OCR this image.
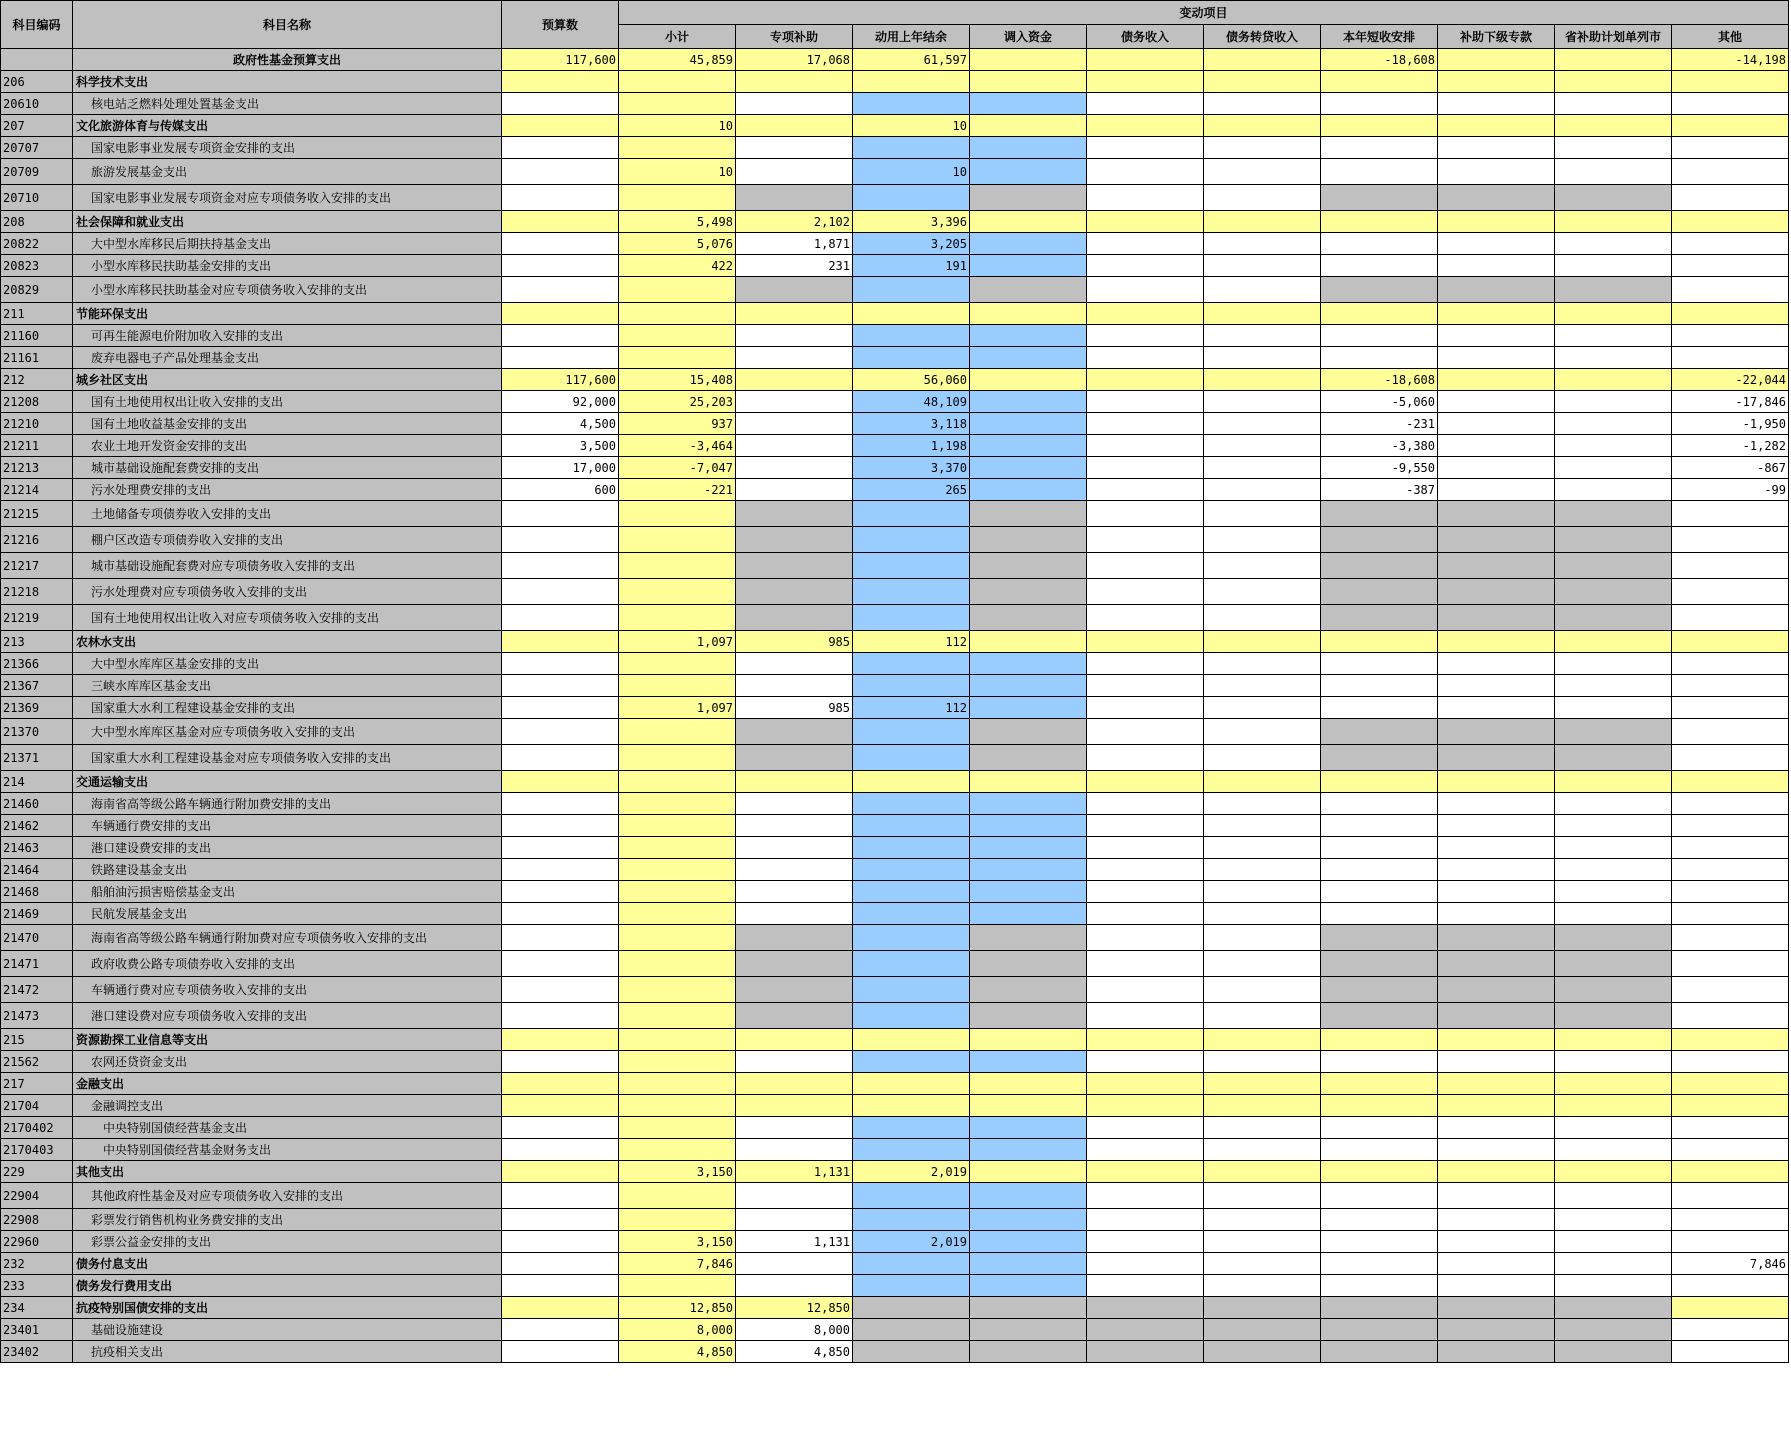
科目编码	科目名称	预算数	变动项目									
			小计	专项补助	动用上年结余	调入资金	债务收入	债务转贷收入	本年短收安排	补助下级专款	省补助计划单列市	其他
	政府性基金预算支出	117,600	45,859	17,068	61,597				-18,608			-14,198
206	科学技术支出											
20610	核电站乏燃料处理处置基金支出											
207	文化旅游体育与传媒支出		10		10							
20707	国家电影事业发展专项资金安排的支出											
20709	旅游发展基金支出		10		10							
20710	国家电影事业发展专项资金对应专项债务收入安排的支出											
208	社会保障和就业支出		5,498	2,102	3,396							
20822	大中型水库移民后期扶持基金支出		5,076	1,871	3,205							
20823	小型水库移民扶助基金安排的支出		422	231	191							
20829	小型水库移民扶助基金对应专项债务收入安排的支出											
211	节能环保支出											
21160	可再生能源电价附加收入安排的支出											
21161	废弃电器电子产品处理基金支出											
212	城乡社区支出	117,600	15,408		56,060				-18,608			-22,044
21208	国有土地使用权出让收入安排的支出	92,000	25,203		48,109				-5,060			-17,846
21210	国有土地收益基金安排的支出	4,500	937		3,118				-231			-1,950
21211	农业土地开发资金安排的支出	3,500	-3,464		1,198				-3,380			-1,282
21213	城市基础设施配套费安排的支出	17,000	-7,047		3,370				-9,550			-867
21214	污水处理费安排的支出	600	-221		265				-387			-99
21215	土地储备专项债券收入安排的支出											
21216	棚户区改造专项债券收入安排的支出											
21217	城市基础设施配套费对应专项债务收入安排的支出											
21218	污水处理费对应专项债务收入安排的支出											
21219	国有土地使用权出让收入对应专项债务收入安排的支出											
213	农林水支出		1,097	985	112							
21366	大中型水库库区基金安排的支出											
21367	三峡水库库区基金支出											
21369	国家重大水利工程建设基金安排的支出		1,097	985	112							
21370	大中型水库库区基金对应专项债务收入安排的支出											
21371	国家重大水利工程建设基金对应专项债务收入安排的支出											
214	交通运输支出											
21460	海南省高等级公路车辆通行附加费安排的支出											
21462	车辆通行费安排的支出											
21463	港口建设费安排的支出											
21464	铁路建设基金支出											
21468	船舶油污损害赔偿基金支出											
21469	民航发展基金支出											
21470	海南省高等级公路车辆通行附加费对应专项债务收入安排的支出											
21471	政府收费公路专项债券收入安排的支出											
21472	车辆通行费对应专项债务收入安排的支出											
21473	港口建设费对应专项债务收入安排的支出											
215	资源勘探工业信息等支出											
21562	农网还贷资金支出											
217	金融支出											
21704	金融调控支出											
2170402	中央特别国债经营基金支出											
2170403	中央特别国债经营基金财务支出											
229	其他支出		3,150	1,131	2,019							
22904	其他政府性基金及对应专项债务收入安排的支出											
22908	彩票发行销售机构业务费安排的支出											
22960	彩票公益金安排的支出		3,150	1,131	2,019							
232	债务付息支出		7,846									7,846
233	债务发行费用支出											
234	抗疫特别国债安排的支出		12,850	12,850								
23401	基础设施建设		8,000	8,000								
23402	抗疫相关支出		4,850	4,850								
